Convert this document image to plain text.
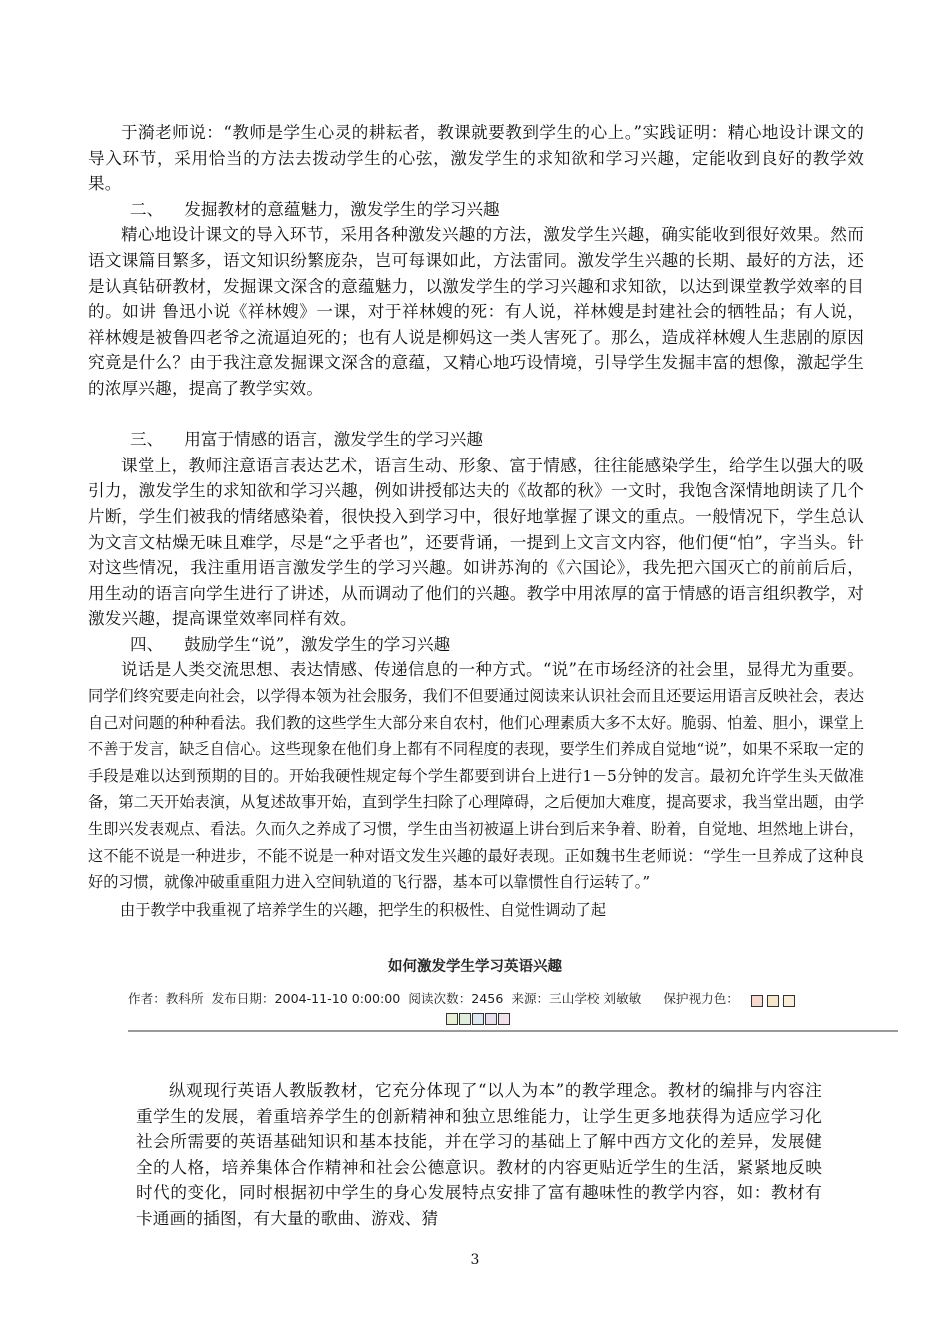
于漪老师说：“教师是学生心灵的耕耘者，教课就要教到学生的心上。”实践证明：精心地设计课文的导入环节，采用恰当的方法去拨动学生的心弦，激发学生的求知欲和学习兴趣，定能收到良好的教学效果。

二、    发掘教材的意蕴魅力，激发学生的学习兴趣

精心地设计课文的导入环节，采用各种激发兴趣的方法，激发学生兴趣，确实能收到很好效果。然而语文课篇目繁多，语文知识纷繁庞杂，岂可每课如此，方法雷同。激发学生兴趣的长期、最好的方法，还是认真钻研教材，发掘课文深含的意蕴魅力，以激发学生的学习兴趣和求知欲，以达到课堂教学效率的目的。如讲 鲁迅小说《祥林嫂》一课，对于祥林嫂的死：有人说，祥林嫂是封建社会的牺牲品；有人说，祥林嫂是被鲁四老爷之流逼迫死的；也有人说是柳妈这一类人害死了。那么，造成祥林嫂人生悲剧的原因究竟是什么？由于我注意发掘课文深含的意蕴，又精心地巧设情境，引导学生发掘丰富的想像，激起学生的浓厚兴趣，提高了教学实效。

三、    用富于情感的语言，激发学生的学习兴趣

课堂上，教师注意语言表达艺术，语言生动、形象、富于情感，往往能感染学生，给学生以强大的吸引力，激发学生的求知欲和学习兴趣，例如讲授郁达夫的《故都的秋》一文时，我饱含深情地朗读了几个片断，学生们被我的情绪感染着，很快投入到学习中，很好地掌握了课文的重点。一般情况下，学生总认为文言文枯燥无味且难学，尽是“之乎者也”，还要背诵，一提到上文言文内容，他们便“怕”，字当头。针对这些情况，我注重用语言激发学生的学习兴趣。如讲苏洵的《六国论》，我先把六国灭亡的前前后后，用生动的语言向学生进行了讲述，从而调动了他们的兴趣。教学中用浓厚的富于情感的语言组织教学，对激发兴趣，提高课堂效率同样有效。

四、    鼓励学生“说”，激发学生的学习兴趣

说话是人类交流思想、表达情感、传递信息的一种方式。“说”在市场经济的社会里，显得尤为重要。同学们终究要走向社会，以学得本领为社会服务，我们不但要通过阅读来认识社会而且还要运用语言反映社会，表达自己对问题的种种看法。我们教的这些学生大部分来自农村，他们心理素质大多不太好。脆弱、怕羞、胆小，课堂上不善于发言，缺乏自信心。这些现象在他们身上都有不同程度的表现，要学生们养成自觉地“说”，如果不采取一定的手段是难以达到预期的目的。开始我硬性规定每个学生都要到讲台上进行1－5分钟的发言。最初允许学生头天做准备，第二天开始表演，从复述故事开始，直到学生扫除了心理障碍，之后便加大难度，提高要求，我当堂出题，由学生即兴发表观点、看法。久而久之养成了习惯，学生由当初被逼上讲台到后来争着、盼着，自觉地、坦然地上讲台，这不能不说是一种进步，不能不说是一种对语文发生兴趣的最好表现。正如魏书生老师说：“学生一旦养成了这种良好的习惯，就像冲破重重阻力进入空间轨道的飞行器，基本可以靠惯性自行运转了。”

由于教学中我重视了培养学生的兴趣，把学生的积极性、自觉性调动了起

如何激发学生学习英语兴趣
作者：教科所 发布日期：2004-11-10 0:00:00 阅读次数：2456 来源：三山学校 刘敏敏 保护视力色：

纵观现行英语人教版教材，它充分体现了“以人为本”的教学理念。教材的编排与内容注重学生的发展，着重培养学生的创新精神和独立思维能力，让学生更多地获得为适应学习化社会所需要的英语基础知识和基本技能，并在学习的基础上了解中西方文化的差异，发展健全的人格，培养集体合作精神和社会公德意识。教材的内容更贴近学生的生活，紧紧地反映时代的变化，同时根据初中学生的身心发展特点安排了富有趣味性的教学内容，如：教材有卡通画的插图，有大量的歌曲、游戏、猜

3
